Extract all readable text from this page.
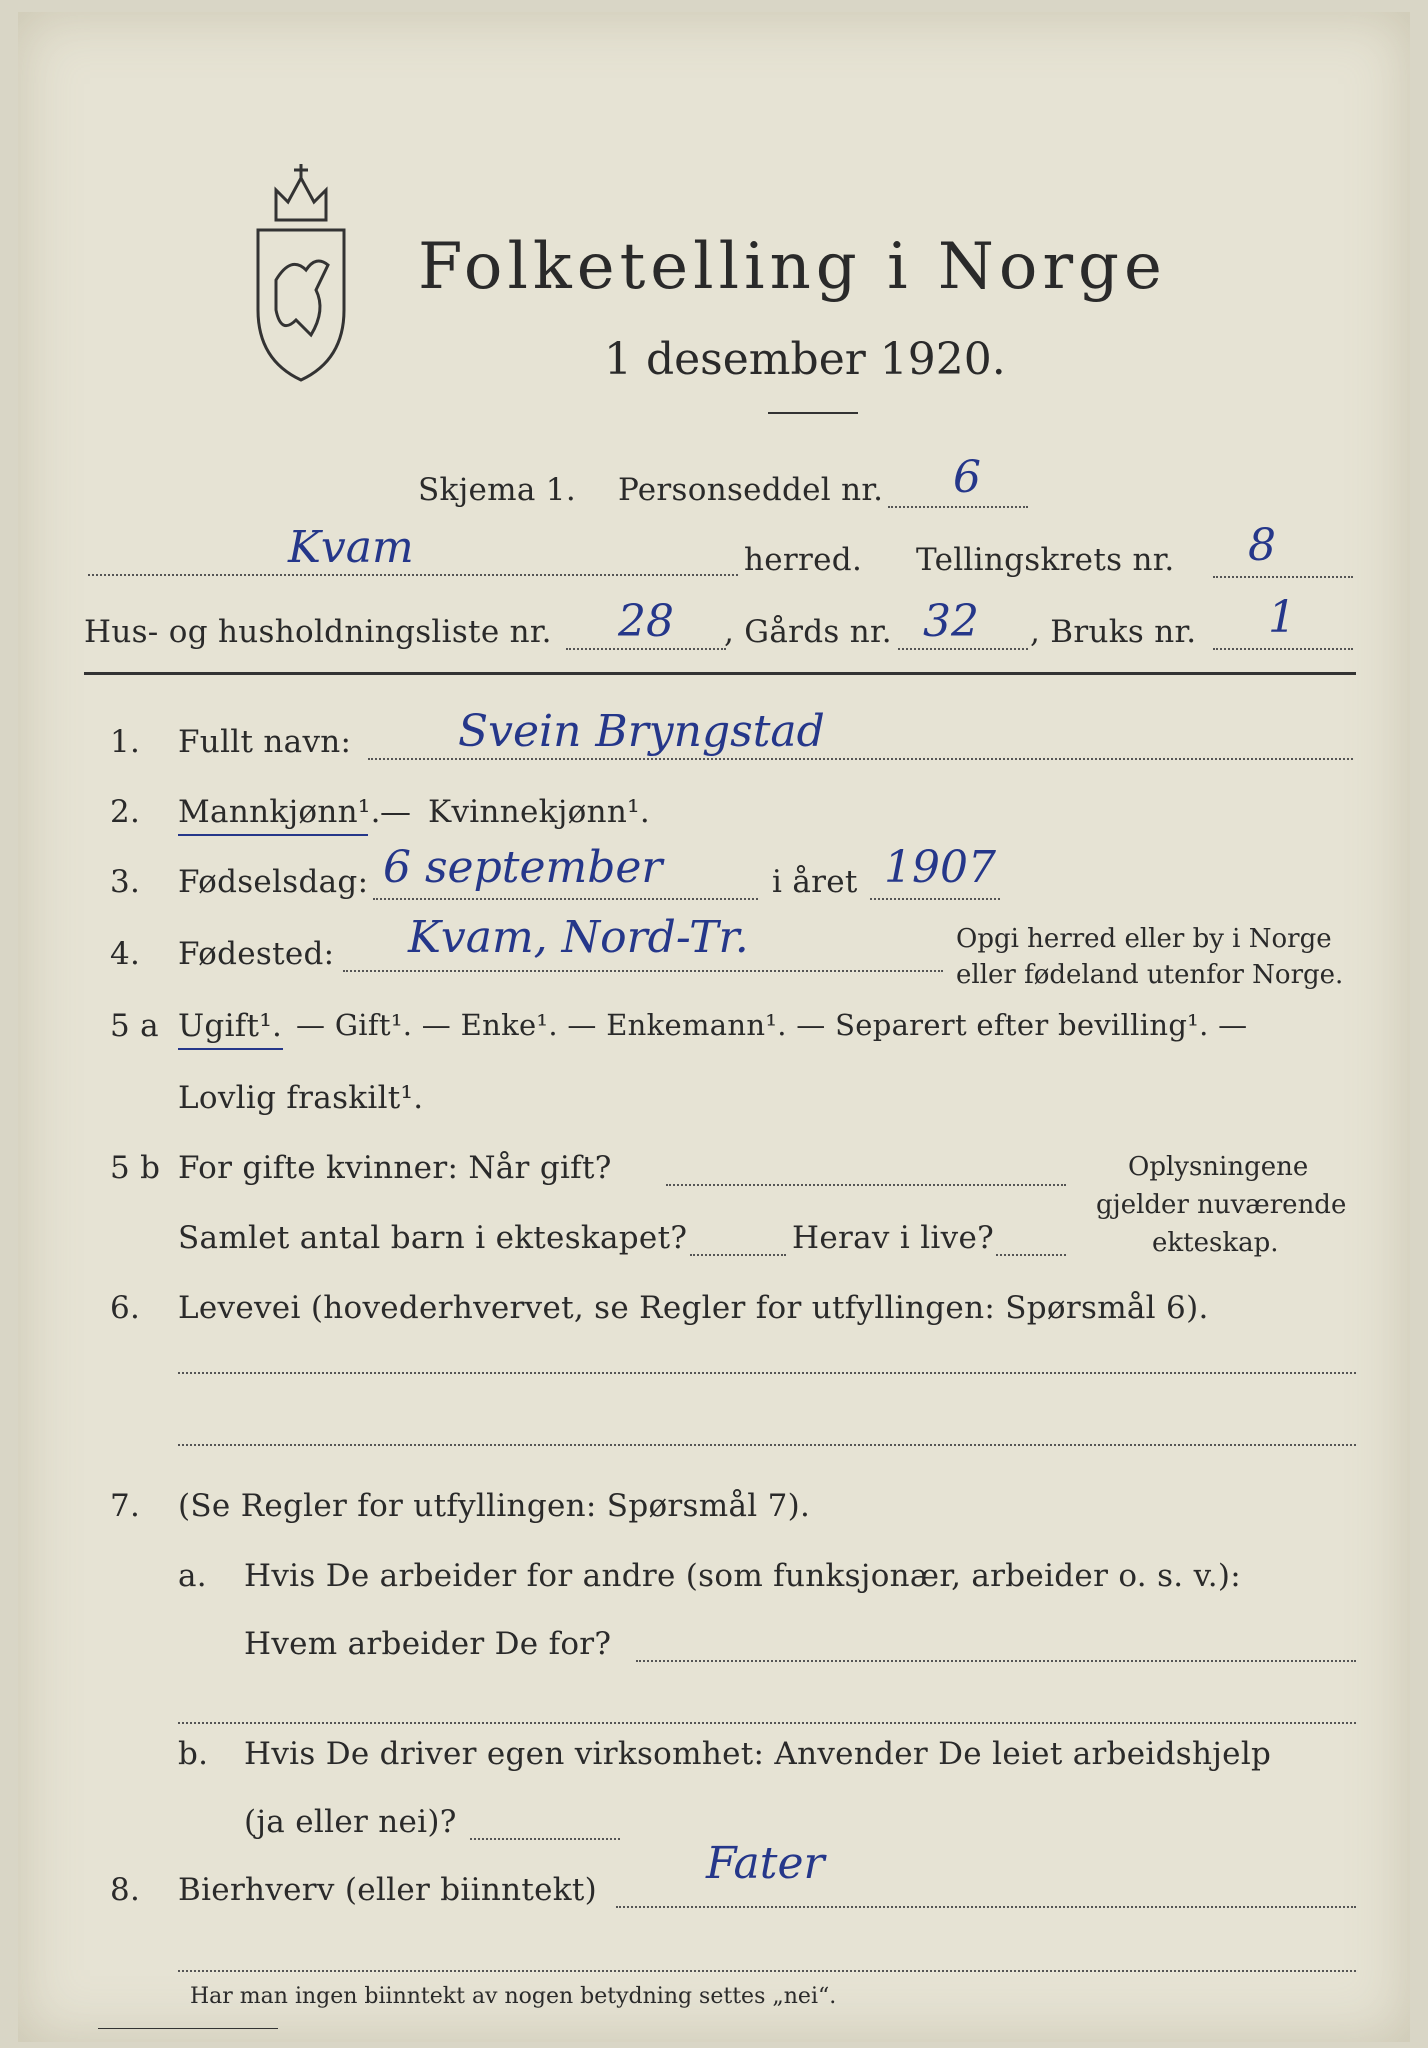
Folketelling i Norge
1 desember 1920.
Skjema 1. Personseddel nr. 6
Kvam	herred. Tellingskrets nr. 8
Hus- og husholdningsliste nr. 28 , Gårds nr. 32 , Bruks nr. 1
1. Fullt navn: Svein Bryngstad
2. Mannkjønn¹. — Kvinnekjønn¹.
3. Fødselsdag: 6 september	i året 1907
4. Fødested: Kvam, Nord-Tr.	Opgi herred eller by i Norge
eller fødeland utenfor Norge.
5 a Ugift¹. — Gift¹. — Enke¹. — Enkemann¹. — Separert efter bevilling¹. —
Lovlig fraskilt¹.
5 b For gifte kvinner: Når gift?
Samlet antal barn i ekteskapet?	Herav i live?
Oplysningene
gjelder nuværende
ekteskap.
6. Levevei (hovederhvervet, se Regler for utfyllingen: Spørsmål 6).
7. (Se Regler for utfyllingen: Spørsmål 7).
a. Hvis De arbeider for andre (som funksjonær, arbeider o. s. v.):
Hvem arbeider De for?
b. Hvis De driver egen virksomhet: Anvender De leiet arbeidshjelp
(ja eller nei)?
8. Bierhverv (eller biinntekt)
Fater
Har man ingen biinntekt av nogen betydning settes „nei“.
